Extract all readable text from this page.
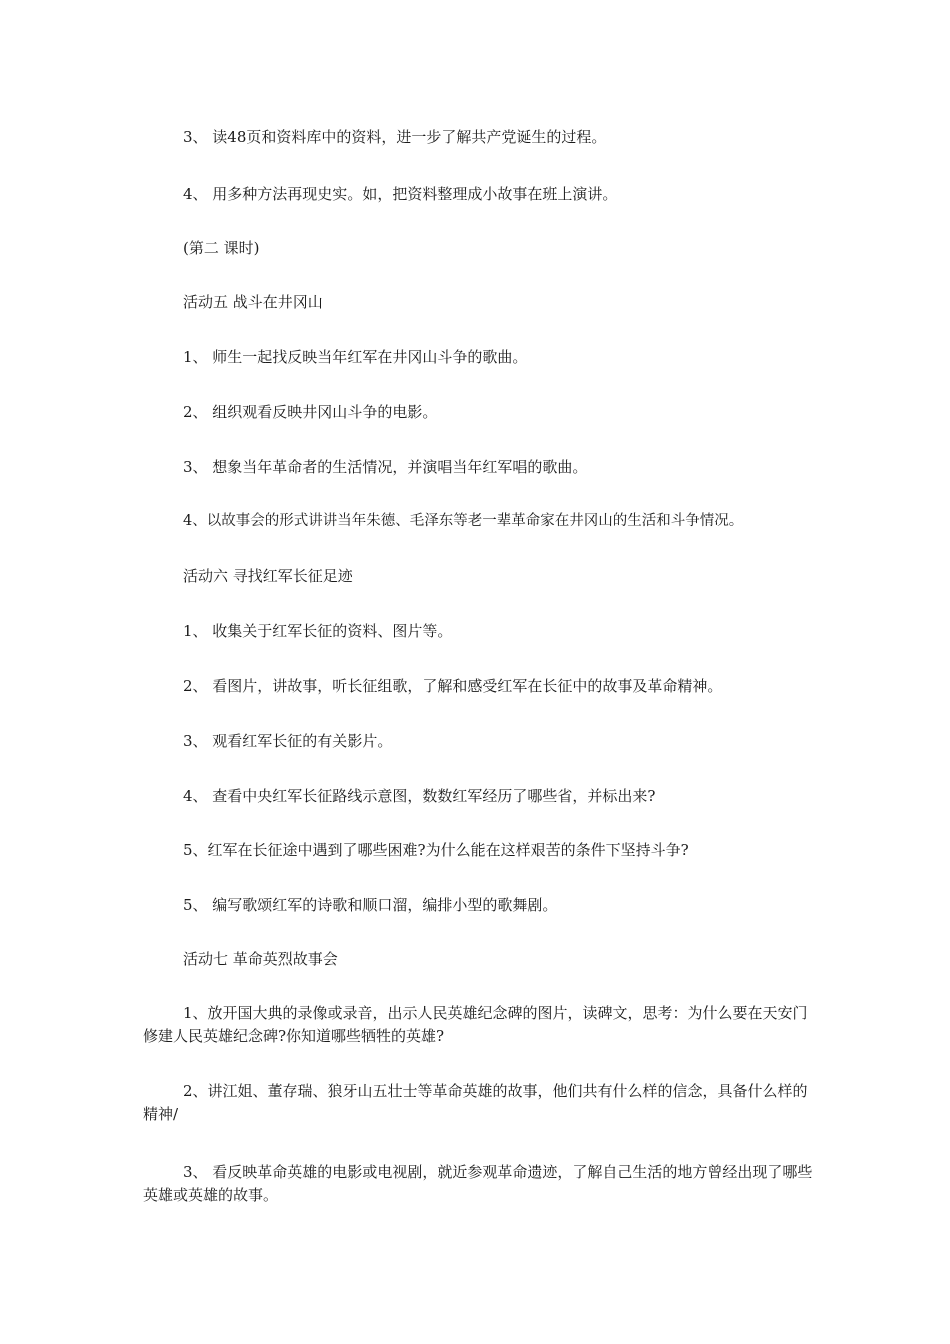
3、 读48页和资料库中的资料，进一步了解共产党诞生的过程。

4、 用多种方法再现史实。如，把资料整理成小故事在班上演讲。

(第二 课时)

活动五 战斗在井冈山

1、 师生一起找反映当年红军在井冈山斗争的歌曲。

2、 组织观看反映井冈山斗争的电影。

3、 想象当年革命者的生活情况，并演唱当年红军唱的歌曲。

4、以故事会的形式讲讲当年朱德、毛泽东等老一辈革命家在井冈山的生活和斗争情况。

活动六 寻找红军长征足迹

1、 收集关于红军长征的资料、图片等。

2、 看图片，讲故事，听长征组歌，了解和感受红军在长征中的故事及革命精神。

3、 观看红军长征的有关影片。

4、 查看中央红军长征路线示意图，数数红军经历了哪些省，并标出来?

5、红军在长征途中遇到了哪些困难?为什么能在这样艰苦的条件下坚持斗争?

5、 编写歌颂红军的诗歌和顺口溜，编排小型的歌舞剧。

活动七 革命英烈故事会

1、放开国大典的录像或录音，出示人民英雄纪念碑的图片，读碑文，思考：为什么要在天安门修建人民英雄纪念碑?你知道哪些牺牲的英雄?

2、讲江姐、董存瑞、狼牙山五壮士等革命英雄的故事，他们共有什么样的信念，具备什么样的精神/

3、 看反映革命英雄的电影或电视剧，就近参观革命遗迹，了解自己生活的地方曾经出现了哪些英雄或英雄的故事。
